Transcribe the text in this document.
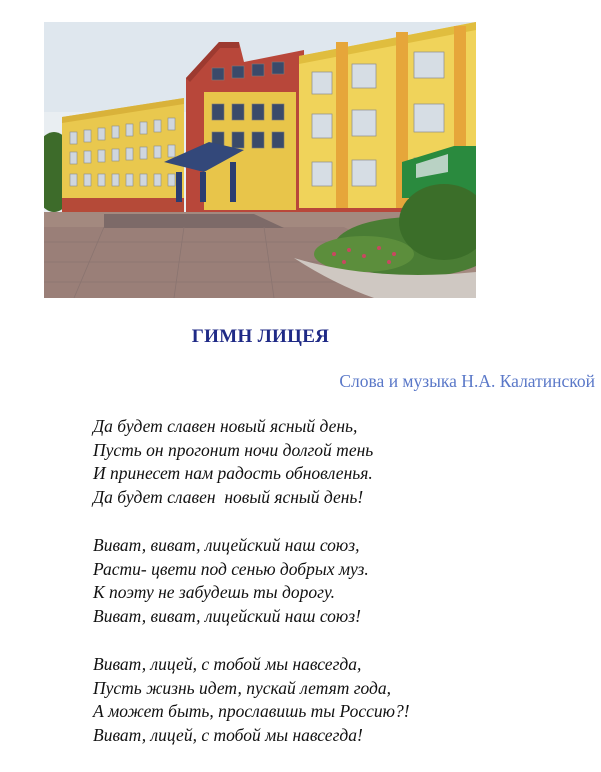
ГИМН ЛИЦЕЯ
Слова и музыка Н.А. Калатинской
Да будет славен новый ясный день,
Пусть он прогонит ночи долгой тень
И принесет нам радость обновленья.
Да будет славен  новый ясный день!
Виват, виват, лицейский наш союз,
Расти- цвети под сенью добрых муз.
К поэту не забудешь ты дорогу.
Виват, виват, лицейский наш союз!
Виват, лицей, с тобой мы навсегда,
Пусть жизнь идет, пускай летят года,
А может быть, прославишь ты Россию?!
Виват, лицей, с тобой мы навсегда!
